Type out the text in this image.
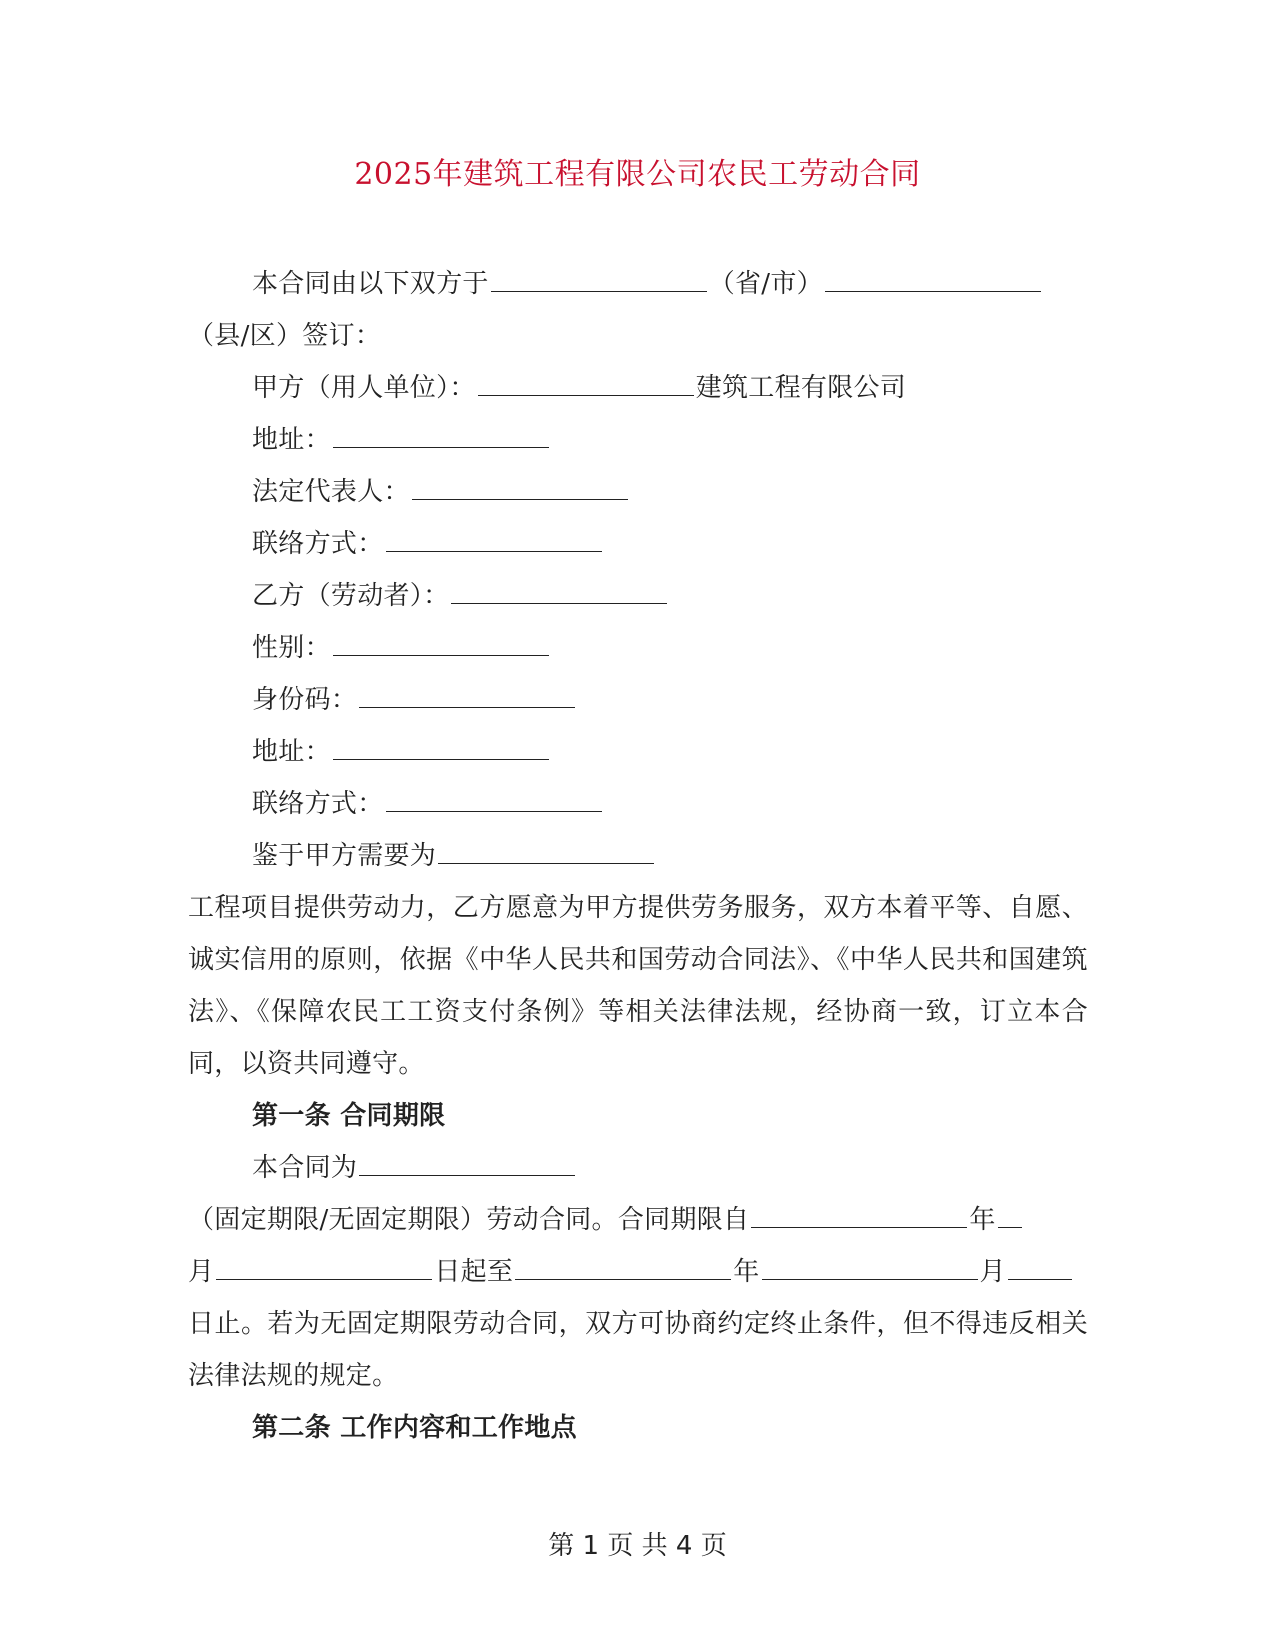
2025年建筑工程有限公司农民工劳动合同
本合同由以下双方于	（省/市）
（县/区）签订：
甲方（用人单位）：	建筑工程有限公司
地址：
法定代表人：
联络方式：
乙方（劳动者）：
性别：
身份码：
地址：
联络方式：
鉴于甲方需要为

工程项目提供劳动力，乙方愿意为甲方提供劳务服务，双方本着平等、自愿、诚实信用的原则，依据《中华人民共和国劳动合同法》、《中华人民共和国建筑法》、《保障农民工工资支付条例》等相关法律法规，经协商一致，订立本合同，以资共同遵守。

第一条 合同期限
本合同为
（固定期限/无固定期限）劳动合同。合同期限自	年
月	日起至	年	月

日止。若为无固定期限劳动合同，双方可协商约定终止条件，但不得违反相关法律法规的规定。

第二条 工作内容和工作地点
第 1 页 共 4 页
